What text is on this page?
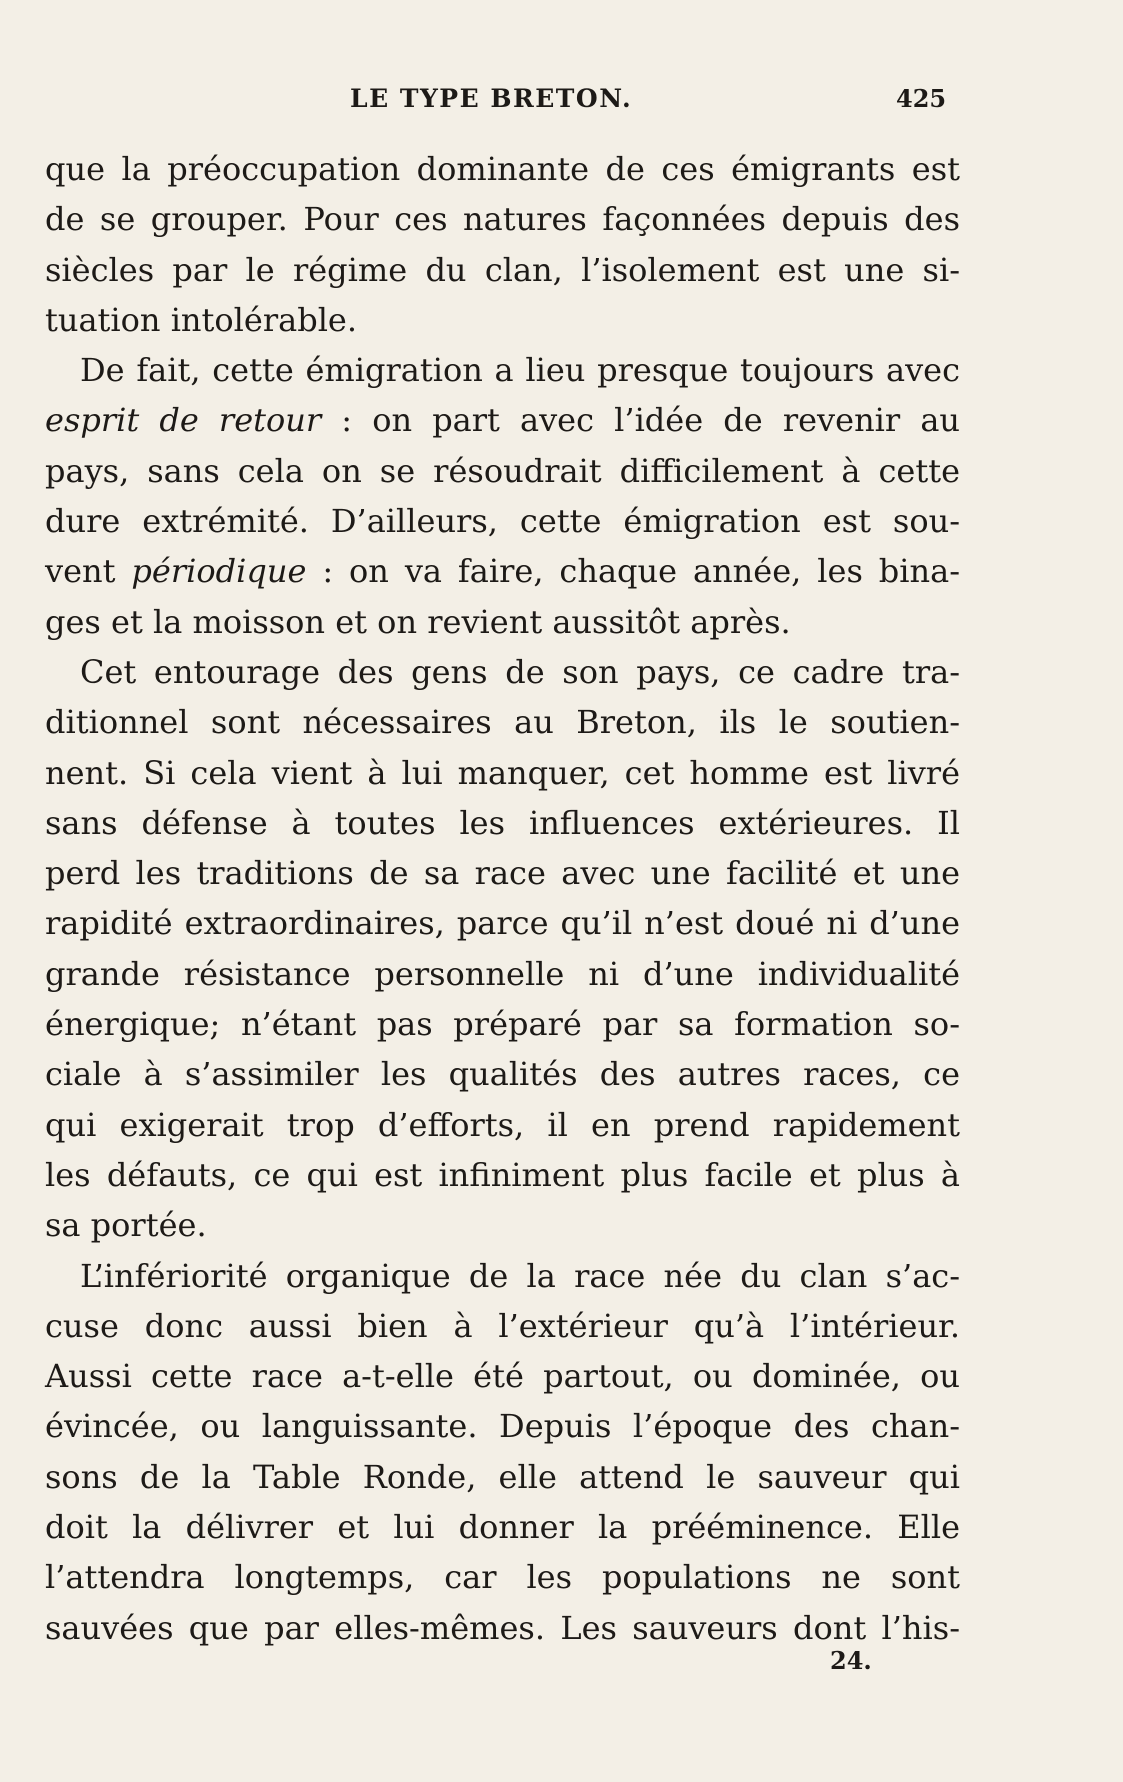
LE TYPE BRETON.	425

que la préoccupation dominante de ces émigrants est
de se grouper. Pour ces natures façonnées depuis des
siècles par le régime du clan, l’isolement est une si-
tuation intolérable.

De fait, cette émigration a lieu presque toujours avec
esprit de retour : on part avec l’idée de revenir au
pays, sans cela on se résoudrait difficilement à cette
dure extrémité. D’ailleurs, cette émigration est sou-
vent périodique : on va faire, chaque année, les bina-
ges et la moisson et on revient aussitôt après.

Cet entourage des gens de son pays, ce cadre tra-
ditionnel sont nécessaires au Breton, ils le soutien-
nent. Si cela vient à lui manquer, cet homme est livré
sans défense à toutes les influences extérieures. Il
perd les traditions de sa race avec une facilité et une
rapidité extraordinaires, parce qu’il n’est doué ni d’une
grande résistance personnelle ni d’une individualité
énergique; n’étant pas préparé par sa formation so-
ciale à s’assimiler les qualités des autres races, ce
qui exigerait trop d’efforts, il en prend rapidement
les défauts, ce qui est infiniment plus facile et plus à
sa portée.

L’infériorité organique de la race née du clan s’ac-
cuse donc aussi bien à l’extérieur qu’à l’intérieur.
Aussi cette race a-t-elle été partout, ou dominée, ou
évincée, ou languissante. Depuis l’époque des chan-
sons de la Table Ronde, elle attend le sauveur qui
doit la délivrer et lui donner la prééminence. Elle
l’attendra longtemps, car les populations ne sont
sauvées que par elles-mêmes. Les sauveurs dont l’his-

24.
